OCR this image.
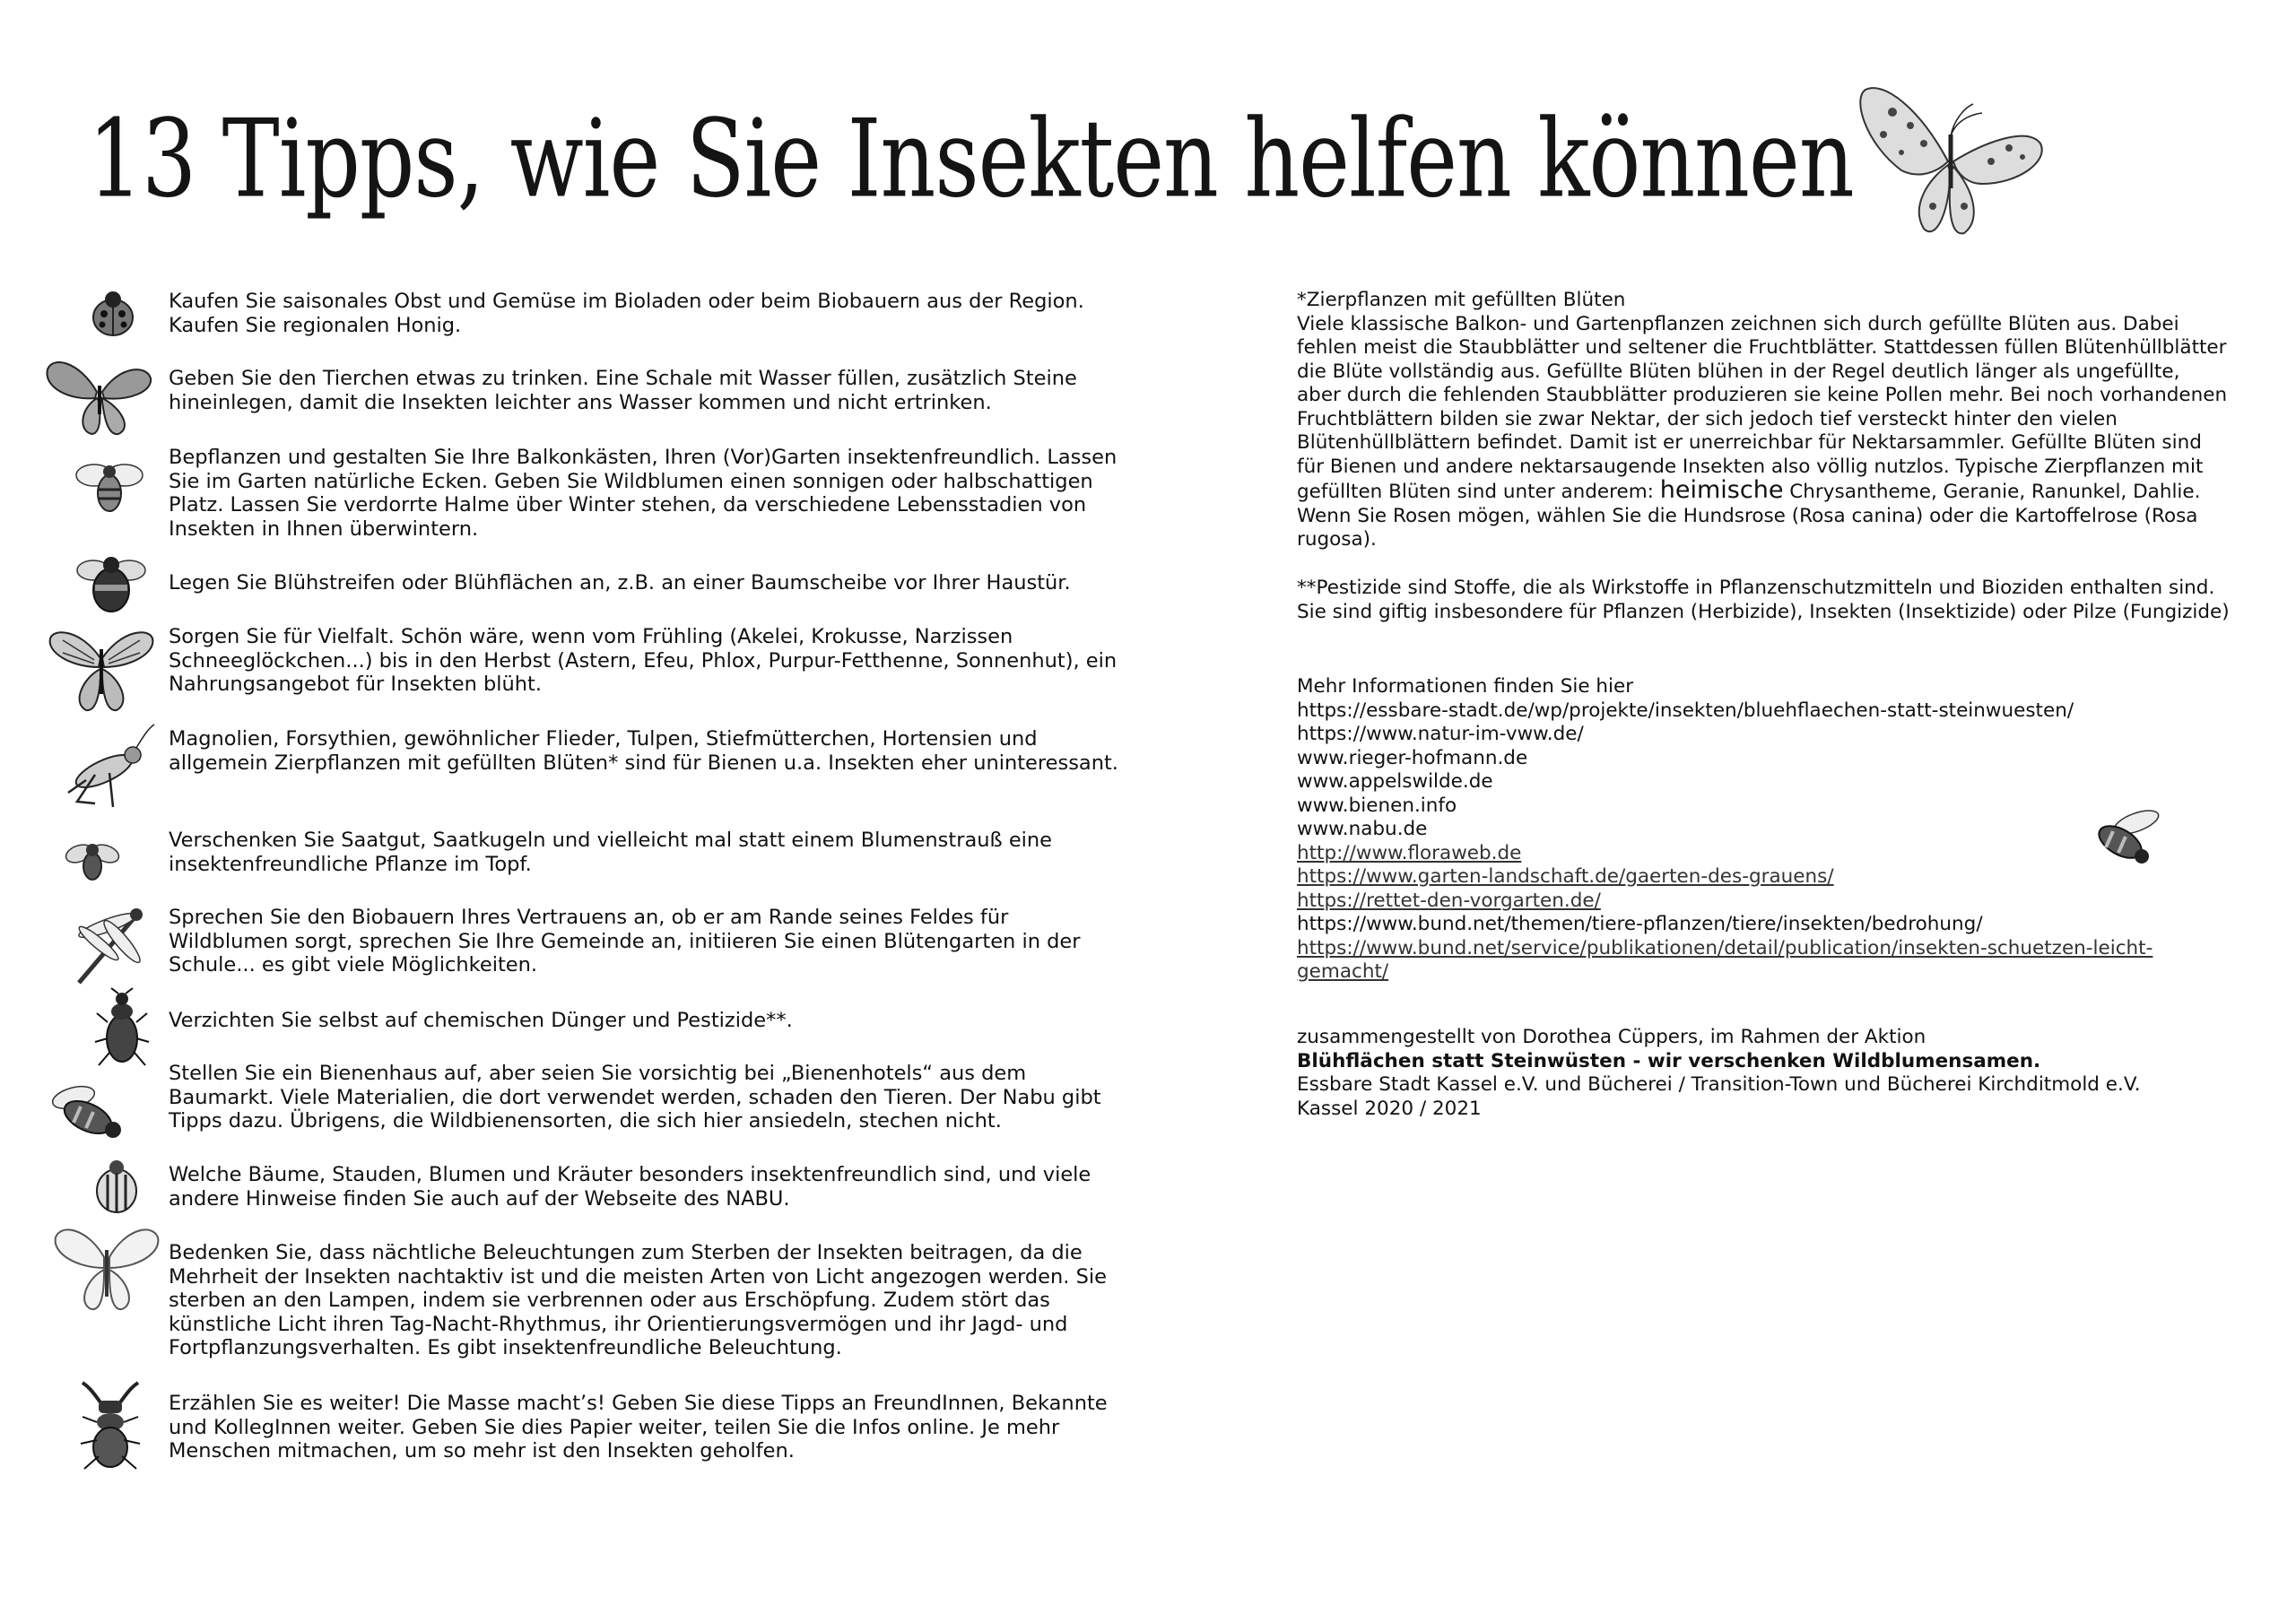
13 Tipps, wie Sie Insekten helfen können
Kaufen Sie saisonales Obst und Gemüse im Bioladen oder beim Biobauern aus der Region. Kaufen Sie regionalen Honig.
Geben Sie den Tierchen etwas zu trinken. Eine Schale mit Wasser füllen, zusätzlich Steine hineinlegen, damit die Insekten leichter ans Wasser kommen und nicht ertrinken.
Bepflanzen und gestalten Sie Ihre Balkonkästen, Ihren (Vor)Garten insektenfreundlich. Lassen Sie im Garten natürliche Ecken. Geben Sie Wildblumen einen sonnigen oder halbschattigen Platz. Lassen Sie verdorrte Halme über Winter stehen, da verschiedene Lebensstadien von Insekten in Ihnen überwintern.
Legen Sie Blühstreifen oder Blühflächen an, z.B. an einer Baumscheibe vor Ihrer Haustür.
Sorgen Sie für Vielfalt. Schön wäre, wenn vom Frühling (Akelei, Krokusse, Narzissen Schneeglöckchen...) bis in den Herbst (Astern, Efeu, Phlox, Purpur-Fetthenne, Sonnenhut), ein Nahrungsangebot für Insekten blüht.
Magnolien, Forsythien, gewöhnlicher Flieder, Tulpen, Stiefmütterchen, Hortensien und allgemein Zierpflanzen mit gefüllten Blüten* sind für Bienen u.a. Insekten eher uninteressant.
Verschenken Sie Saatgut, Saatkugeln und vielleicht mal statt einem Blumenstrauß eine insektenfreundliche Pflanze im Topf.
Sprechen Sie den Biobauern Ihres Vertrauens an, ob er am Rande seines Feldes für Wildblumen sorgt, sprechen Sie Ihre Gemeinde an, initiieren Sie einen Blütengarten in der Schule... es gibt viele Möglichkeiten.
Verzichten Sie selbst auf chemischen Dünger und Pestizide**.
Stellen Sie ein Bienenhaus auf, aber seien Sie vorsichtig bei „Bienenhotels“ aus dem Baumarkt. Viele Materialien, die dort verwendet werden, schaden den Tieren. Der Nabu gibt Tipps dazu. Übrigens, die Wildbienensorten, die sich hier ansiedeln, stechen nicht.
Welche Bäume, Stauden, Blumen und Kräuter besonders insektenfreundlich sind, und viele andere Hinweise finden Sie auch auf der Webseite des NABU.
Bedenken Sie, dass nächtliche Beleuchtungen zum Sterben der Insekten beitragen, da die Mehrheit der Insekten nachtaktiv ist und die meisten Arten von Licht angezogen werden. Sie sterben an den Lampen, indem sie verbrennen oder aus Erschöpfung. Zudem stört das künstliche Licht ihren Tag-Nacht-Rhythmus, ihr Orientierungsvermögen und ihr Jagd- und Fortpflanzungsverhalten. Es gibt insektenfreundliche Beleuchtung.
Erzählen Sie es weiter! Die Masse macht’s! Geben Sie diese Tipps an FreundInnen, Bekannte und KollegInnen weiter. Geben Sie dies Papier weiter, teilen Sie die Infos online. Je mehr Menschen mitmachen, um so mehr ist den Insekten geholfen.

*Zierpflanzen mit gefüllten Blüten

Viele klassische Balkon- und Gartenpflanzen zeichnen sich durch gefüllte Blüten aus. Dabei fehlen meist die Staubblätter und seltener die Fruchtblätter. Stattdessen füllen Blütenhüllblätter die Blüte vollständig aus. Gefüllte Blüten blühen in der Regel deutlich länger als ungefüllte, aber durch die fehlenden Staubblätter produzieren sie keine Pollen mehr. Bei noch vorhandenen Fruchtblättern bilden sie zwar Nektar, der sich jedoch tief versteckt hinter den vielen Blütenhüllblättern befindet. Damit ist er unerreichbar für Nektarsammler. Gefüllte Blüten sind für Bienen und andere nektarsaugende Insekten also völlig nutzlos. Typische Zierpflanzen mit gefüllten Blüten sind unter anderem: heimische Chrysantheme, Geranie, Ranunkel, Dahlie. Wenn Sie Rosen mögen, wählen Sie die Hundsrose (Rosa canina) oder die Kartoffelrose (Rosa rugosa).

**Pestizide sind Stoffe, die als Wirkstoffe in Pflanzenschutzmitteln und Bioziden enthalten sind. Sie sind giftig insbesondere für Pflanzen (Herbizide), Insekten (Insektizide) oder Pilze (Fungizide)

Mehr Informationen finden Sie hier

https://essbare-stadt.de/wp/projekte/insekten/bluehflaechen-statt-steinwuesten/

https://www.natur-im-vww.de/

www.rieger-hofmann.de

www.appelswilde.de

www.bienen.info

www.nabu.de

http://www.floraweb.de

https://www.garten-landschaft.de/gaerten-des-grauens/

https://rettet-den-vorgarten.de/

https://www.bund.net/themen/tiere-pflanzen/tiere/insekten/bedrohung/

https://www.bund.net/service/publikationen/detail/publication/insekten-schuetzen-leicht-

gemacht/

zusammengestellt von Dorothea Cüppers, im Rahmen der Aktion

Blühflächen statt Steinwüsten - wir verschenken Wildblumensamen.

Essbare Stadt Kassel e.V. und Bücherei / Transition-Town und Bücherei Kirchditmold e.V.

Kassel 2020 / 2021
